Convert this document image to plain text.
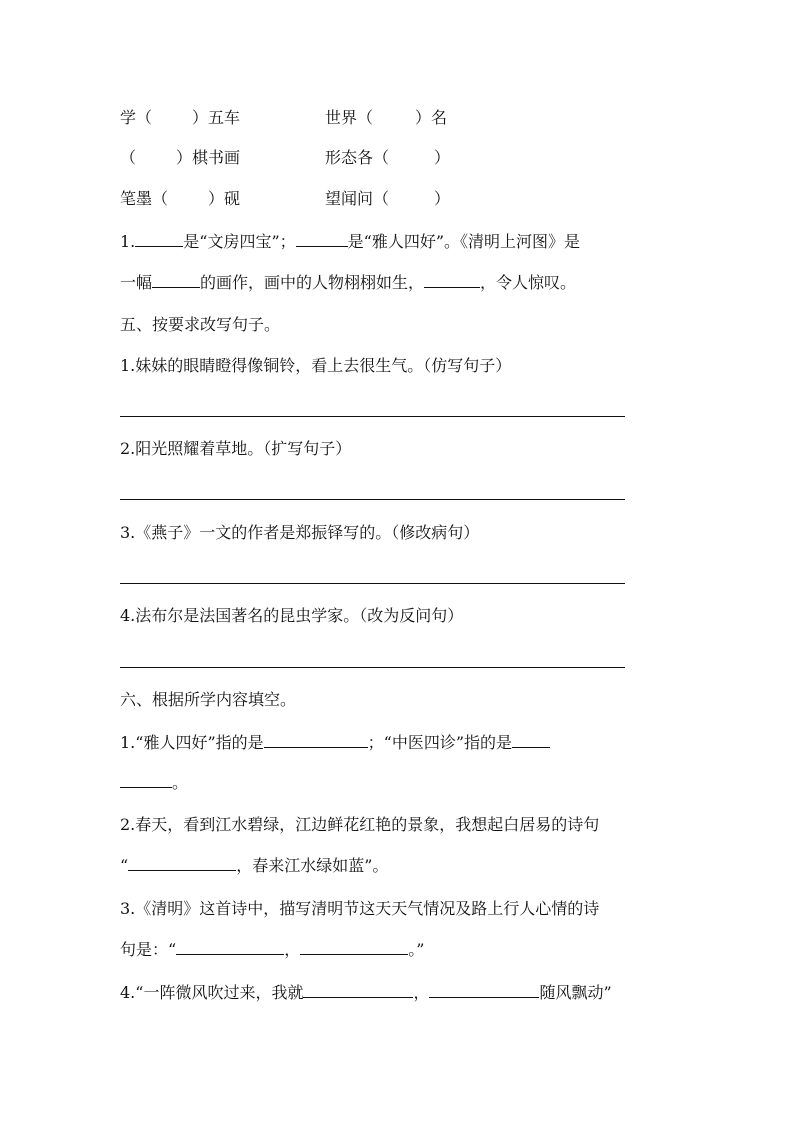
学（	）五车	世界（	）名
（	）棋书画	形态各（	）
笔墨（	）砚	望闻问（	）
1.	是“文房四宝”；	是“雅人四好”。《清明上河图》是
一幅	的画作，画中的人物栩栩如生，	，令人惊叹。
五、按要求改写句子。
1.妹妹的眼睛瞪得像铜铃，看上去很生气。（仿写句子）
2.阳光照耀着草地。（扩写句子）
3.《燕子》一文的作者是郑振铎写的。（修改病句）
4.法布尔是法国著名的昆虫学家。（改为反问句）
六、根据所学内容填空。
1.“雅人四好”指的是	；“中医四诊”指的是
。
2.春天，看到江水碧绿，江边鲜花红艳的景象，我想起白居易的诗句
“	，春来江水绿如蓝”。
3.《清明》这首诗中，描写清明节这天天气情况及路上行人心情的诗
句是：“	，	。”
4.“一阵微风吹过来，我就	，	随风飘动”
